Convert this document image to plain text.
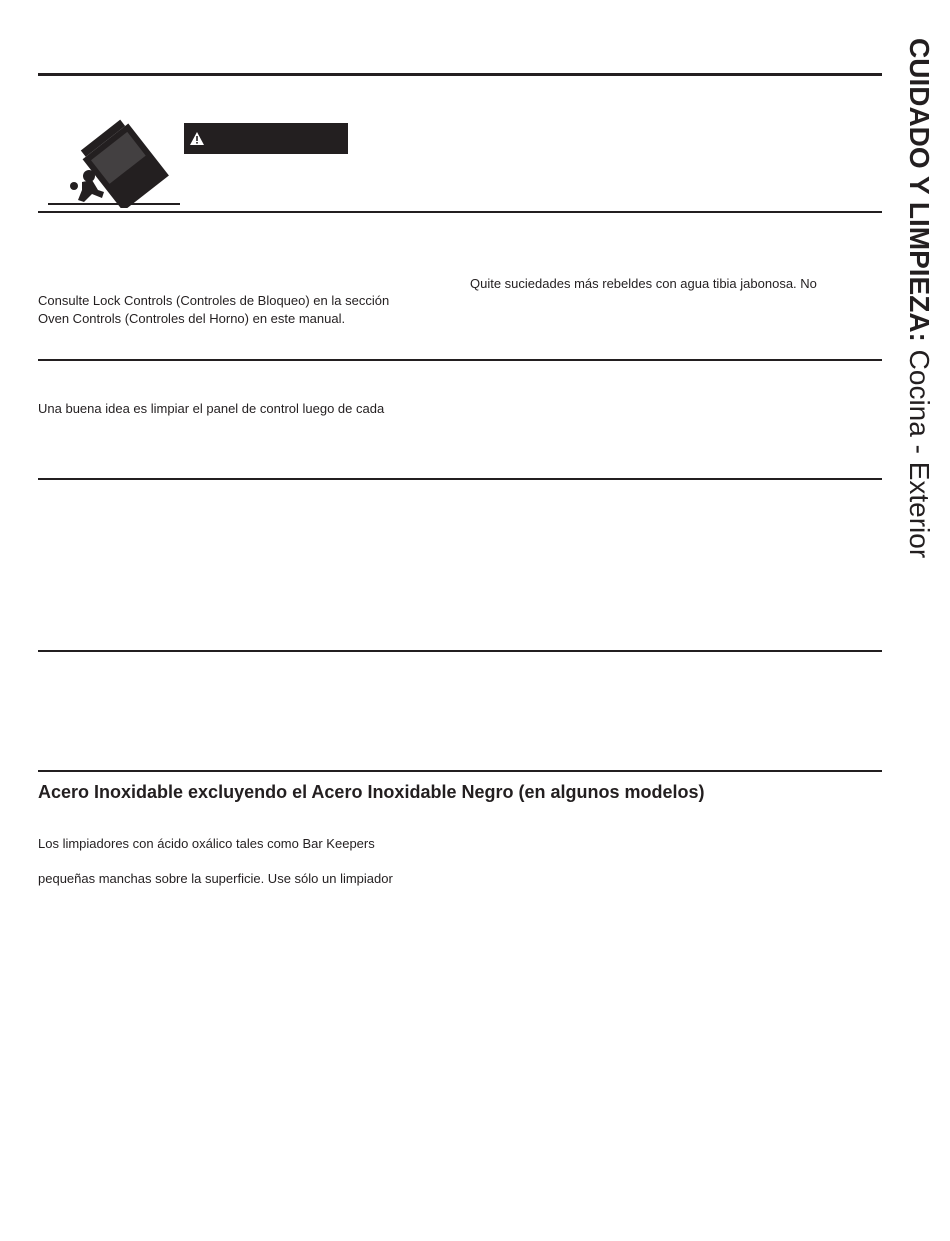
CUIDADO Y LIMPIEZA: Cocina - Exterior
Quite suciedades más rebeldes con agua tibia jabonosa. No
Consulte Lock Controls (Controles de Bloqueo) en la sección
Oven Controls (Controles del Horno) en este manual.
Una buena idea es limpiar el panel de control luego de cada
Acero Inoxidable excluyendo el Acero Inoxidable Negro (en algunos modelos)
Los limpiadores con ácido oxálico tales como Bar Keepers
pequeñas manchas sobre la superficie. Use sólo un limpiador
